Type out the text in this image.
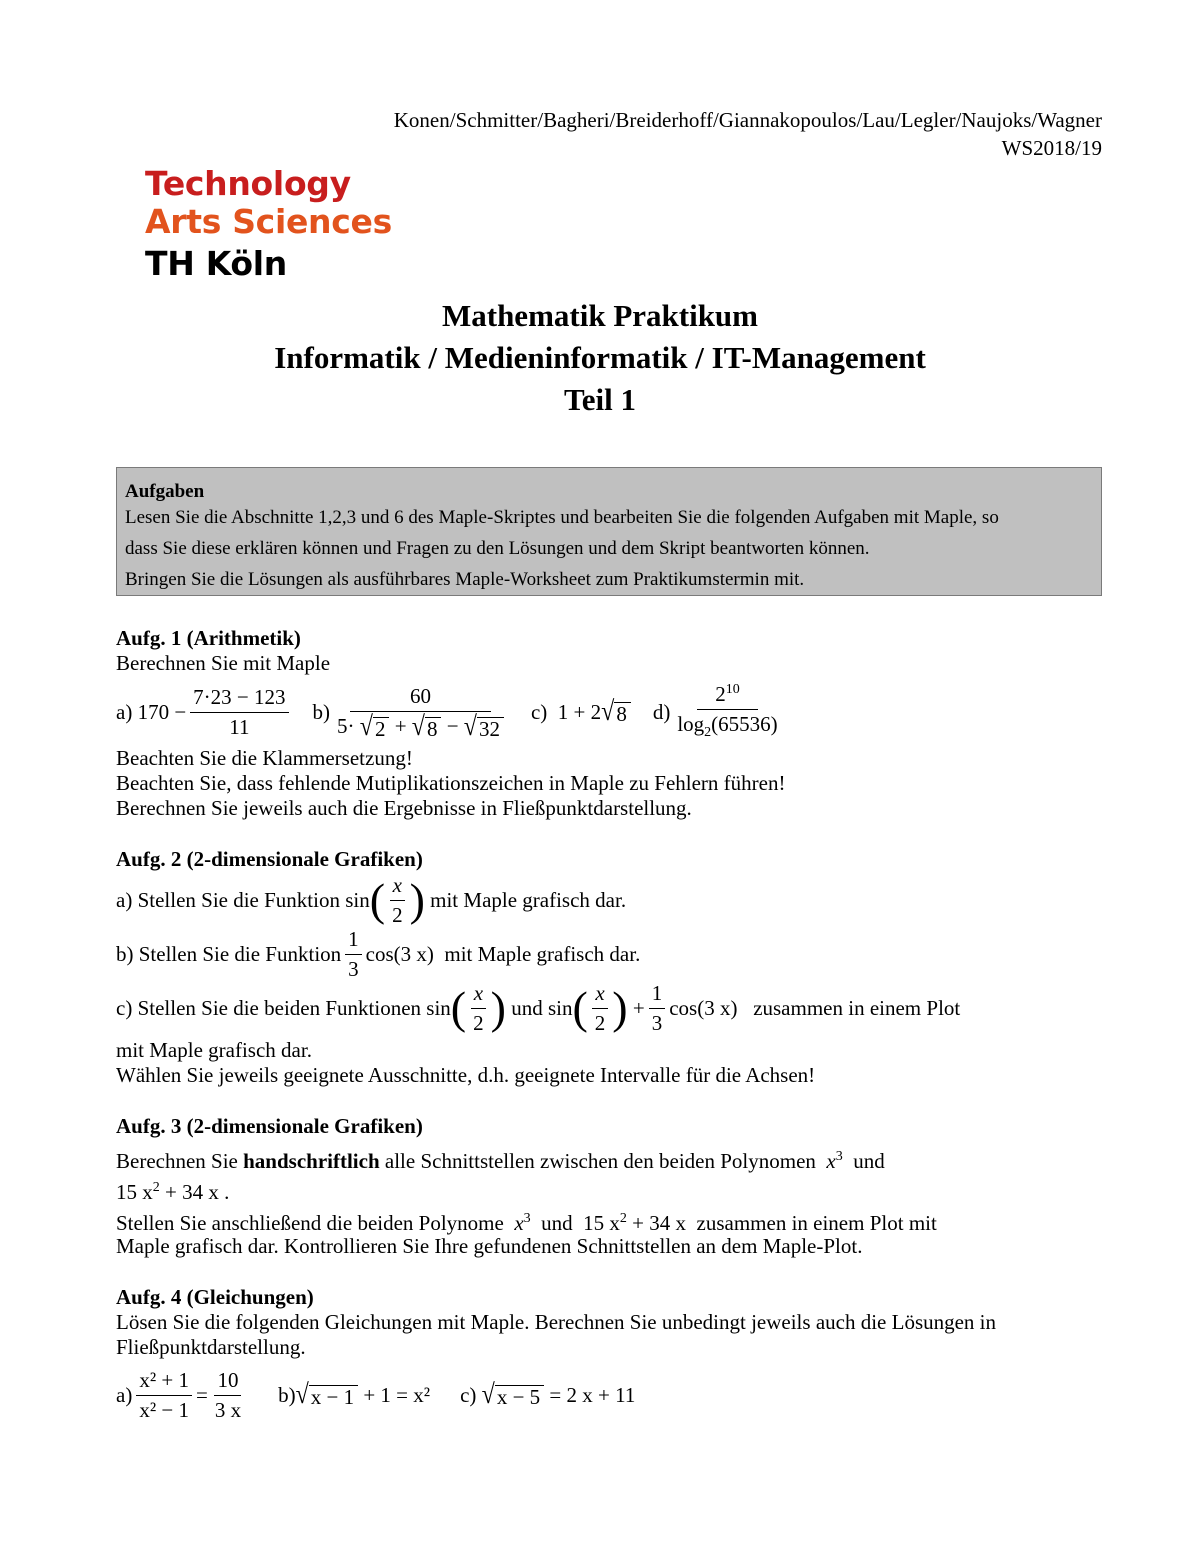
Konen/Schmitter/Bagheri/Breiderhoff/Giannakopoulos/Lau/Legler/Naujoks/Wagner
WS2018/19
Technology
Arts Sciences
TH Köln
Mathematik Praktikum
Informatik / Medieninformatik / IT-Management
Teil 1
Aufgaben
Lesen Sie die Abschnitte 1,2,3 und 6 des Maple-Skriptes und bearbeiten Sie die folgenden Aufgaben mit Maple, so
dass Sie diese erklären können und Fragen zu den Lösungen und dem Skript beantworten können.
Bringen Sie die Lösungen als ausführbares Maple-Worksheet zum Praktikumstermin mit.
Aufg. 1 (Arithmetik)
Berechnen Sie mit Maple
a)
$170 - \frac{7\cdot 23 - 123}{11} b) \frac{60}{5\cdot √ 2 + √ 8 - √ 32} c$)
1 + 2 √ 8 $d) \frac{2^{10}}{\log_2(65536)}$
Beachten Sie die Klammersetzung!
Beachten Sie, dass fehlende Mutiplikationszeichen in Maple zu Fehlern führen!
Berechnen Sie jeweils auch die Ergebnisse in Fließpunktdarstellung.
Aufg. 2 (2-dimensionale Grafiken)
a) Stellen Sie die Funktion sin ( $\frac{x}{2}$ )
mit Maple grafisch dar.
b) Stellen Sie die Funktion $\frac{1}{3} \cos(3$ x)
mit Maple grafisch dar.
c) Stellen Sie die beiden Funktionen sin ( $\frac{x}{2}$ )
und sin ( $\frac{x}{2}$ )
+ $\frac{1}{3} \cos(3$ x)
zusammen in einem Plot
mit Maple grafisch dar.
Wählen Sie jeweils geeignete Ausschnitte, d.h. geeignete Intervalle für die Achsen!
Aufg. 3 (2-dimensionale Grafiken)
Berechnen Sie handschriftlich alle Schnittstellen zwischen den beiden Polynomen $x^3$ und
15 $x^2 + 34$ x .
Stellen Sie anschließend die beiden Polynome $x^3$ und 15 $x^2 + 34$ x zusammen in einem Plot mit
Maple grafisch dar. Kontrollieren Sie Ihre gefundenen Schnittstellen an dem Maple-Plot.
Aufg. 4 (Gleichungen)
Lösen Sie die folgenden Gleichungen mit Maple. Berechnen Sie unbedingt jeweils auch die Lösungen in
Fließpunktdarstellung.
$a) \frac{\text{x² + 1}}{\text{x² − 1}} = \frac{10}{3 x} b$) √ x − 1
+ 1 = x² c)
√ x − 5
= 2 x + 11
